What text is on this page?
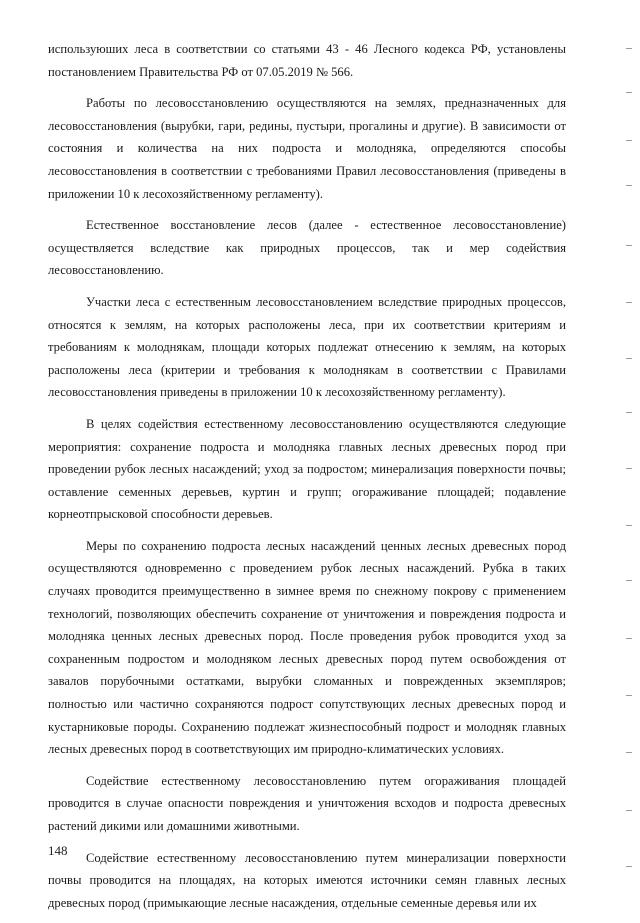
используюших леса в соответствии со статьями 43 - 46 Лесного кодекса РФ, установлены постановлением Правительства РФ от 07.05.2019 № 566.

Работы по лесовосстановлению осуществляются на землях, предназначенных для лесовосстановления (вырубки, гари, редины, пустыри, прогалины и другие). В зависимости от состояния и количества на них подроста и молодняка, определяются способы лесовосстановления в соответствии с требованиями Правил лесовосстановления (приведены в приложении 10 к лесохозяйственному регламенту).

Естественное восстановление лесов (далее - естественное лесовосстановление) осуществляется вследствие как природных процессов, так и мер содействия лесовосстановлению.

Участки леса с естественным лесовосстановлением вследствие природных процессов, относятся к землям, на которых расположены леса, при их соответствии критериям и требованиям к молоднякам, площади которых подлежат отнесению к землям, на которых расположены леса (критерии и требования к молоднякам в соответствии с Правилами лесовосстановления приведены в приложении 10 к лесохозяйственному регламенту).

В целях содействия естественному лесовосстановлению осуществляются следующие мероприятия: сохранение подроста и молодняка главных лесных древесных пород при проведении рубок лесных насаждений; уход за подростом; минерализация поверхности почвы; оставление семенных деревьев, куртин и групп; огораживание площадей; подавление корнеотпрысковой способности деревьев.

Меры по сохранению подроста лесных насаждений ценных лесных древесных пород осуществляются одновременно с проведением рубок лесных насаждений. Рубка в таких случаях проводится преимущественно в зимнее время по снежному покрову с применением технологий, позволяющих обеспечить сохранение от уничтожения и повреждения подроста и молодняка ценных лесных древесных пород. После проведения рубок проводится уход за сохраненным подростом и молодняком лесных древесных пород путем освобождения от завалов порубочными остатками, вырубки сломанных и поврежденных экземпляров; полностью или частично сохраняются подрост сопутствующих лесных древесных пород и кустарниковые породы. Сохранению подлежат жизнеспособный подрост и молодняк главных лесных древесных пород в соответствующих им природно-климатических условиях.

Содействие естественному лесовосстановлению путем огораживания площадей проводится в случае опасности повреждения и уничтожения всходов и подроста древесных растений дикими или домашними животными.

Содействие естественному лесовосстановлению путем минерализации поверхности почвы проводится на площадях, на которых имеются источники семян главных лесных древесных пород (примыкающие лесные насаждения, отдельные семенные деревья или их

148
